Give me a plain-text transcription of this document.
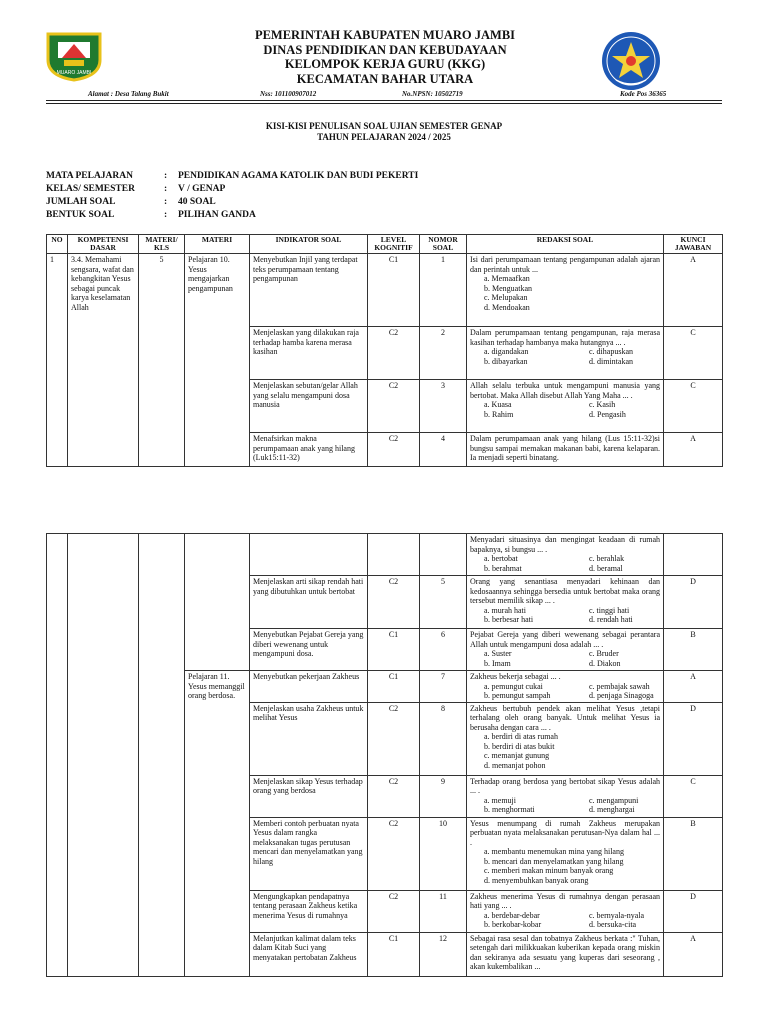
MUARO JAMBI
PEMERINTAH KABUPATEN MUARO JAMBI
DINAS PENDIDIKAN DAN KEBUDAYAAN
KELOMPOK KERJA GURU (KKG)
KECAMATAN BAHAR UTARA
Alamat : Desa Talang Bukit	Nss: 101100907012	No.NPSN: 10502719	Kode Pos 36365
KISI-KISI PENULISAN SOAL UJIAN SEMESTER GENAP
TAHUN PELAJARAN 2024 / 2025
MATA PELAJARAN	: PENDIDIKAN AGAMA KATOLIK DAN BUDI PEKERTI
KELAS/ SEMESTER	: V / GENAP
JUMLAH SOAL	: 40 SOAL
BENTUK SOAL	: PILIHAN GANDA
NO	KOMPETENSI DASAR	MATERI/ KLS	MATERI	INDIKATOR SOAL	LEVEL KOGNITIF	NOMOR SOAL	REDAKSI SOAL	KUNCI JAWABAN
1	3.4. Memahami sengsara, wafat dan kebangkitan Yesus sebagai puncak karya keselamatan Allah	5	Pelajaran 10. Yesus mengajarkan pengampunan	Menyebutkan Injil yang terdapat teks perumpamaan tentang pengampunan	C1	1	Isi dari perumpamaan tentang pengampunan adalah ajaran dan perintah untuk ...
a. Memaafkan
b. Menguatkan
c. Melupakan
d. Mendoakan	A
				Menjelaskan yang dilakukan raja terhadap hamba karena merasa kasihan	C2	2	Dalam perumpamaan tentang pengampunan, raja merasa kasihan terhadap hambanya maka hutangnya ... .
a. digandakan c. dihapuskan
b. dibayarkan d. dimintakan	C
				Menjelaskan sebutan/gelar Allah yang selalu mengampuni dosa manusia	C2	3	Allah selalu terbuka untuk mengampuni manusia yang bertobat. Maka Allah disebut Allah Yang Maha ... .
a. Kuasa c. Kasih
b. Rahim d. Pengasih	C
				Menafsirkan makna perumpamaan anak yang hilang (Luk15:11-32)	C2	4	Dalam perumpamaan anak yang hilang (Lus 15:11-32)si bungsu sampai memakan makanan babi, karena kelaparan. Ia menjadi seperti binatang.	A

							Menyadari situasinya dan mengingat keadaan di rumah bapaknya, si bungsu ... .
a. bertobat c. berahlak
b. berahmat d. beramal	

				Menjelaskan arti sikap rendah hati yang dibutuhkan untuk bertobat	C2	5	Orang yang senantiasa menyadari kehinaan dan kedosaannya sehingga bersedia untuk bertobat maka orang tersebut memilik sikap ... .
a. murah hati c. tinggi hati
b. berbesar hati d. rendah hati	D
				Menyebutkan Pejabat Gereja yang diberi wewenang untuk mengampuni dosa.	C1	6	Pejabat Gereja yang diberi wewenang sebagai perantara Allah untuk mengampuni dosa adalah ... .
a. Suster c. Bruder
b. Imam d. Diakon	B
			Pelajaran 11. Yesus memanggil orang berdosa.	Menyebutkan pekerjaan Zakheus	C1	7	Zakheus bekerja sebagai ... .
a. pemungut cukai c. pembajak sawah
b. pemungut sampah d. penjaga Sinagoga	A
				Menjelaskan usaha Zakheus untuk melihat Yesus	C2	8	Zakheus bertubuh pendek akan melihat Yesus ,tetapi terhalang oleh orang banyak. Untuk melihat Yesus ia berusaha dengan cara ... .
a. berdiri di atas rumah
b. berdiri di atas bukit
c. memanjat gunung
d. memanjat pohon	D
				Menjelaskan sikap Yesus terhadap orang yang berdosa	C2	9	Terhadap orang berdosa yang bertobat sikap Yesus adalah ... .
a. memuji c. mengampuni
b. menghormati d. menghargai	C
				Memberi contoh perbuatan nyata Yesus dalam rangka melaksanakan tugas perutusan mencari dan menyelamatkan yang hilang	C2	10	Yesus menumpang di rumah Zakheus merupakan perbuatan nyata melaksanakan perutusan-Nya dalam hal ... .
a. membantu menemukan mina yang hilang
b. mencari dan menyelamatkan yang hilang
c. memberi makan minum banyak orang
d. menyembuhkan banyak orang	B
				Mengungkapkan pendapatnya tentang perasaan Zakheus ketika menerima Yesus di rumahnya	C2	11	Zakheus menerima Yesus di rumahnya dengan perasaan hati yang ... .
a. berdebar-debar c. bernyala-nyala
b. berkobar-kobar d. bersuka-cita	D
				Melanjutkan kalimat dalam teks dalam Kitab Suci yang menyatakan pertobatan Zakheus	C1	12	Sebagai rasa sesal dan tobatnya Zakheus berkata :" Tuhan, setengah dari milikkuakan kuberikan kepada orang miskin dan sekiranya ada sesuatu yang kuperas dari seseorang , akan kukembalikan ...	A
